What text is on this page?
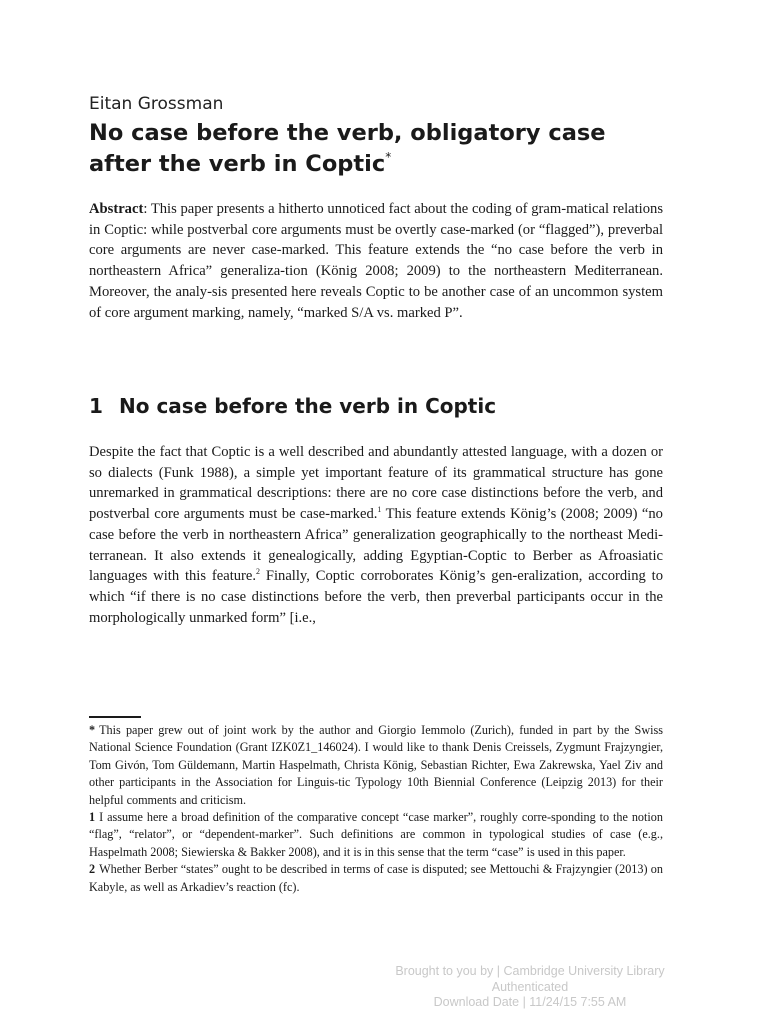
Eitan Grossman
No case before the verb, obligatory case
after the verb in Coptic*

Abstract: This paper presents a hitherto unnoticed fact about the coding of gram-matical relations in Coptic: while postverbal core arguments must be overtly case-marked (or “flagged”), preverbal core arguments are never case-marked. This feature extends the “no case before the verb in northeastern Africa” generaliza-tion (König 2008; 2009) to the northeastern Mediterranean. Moreover, the analy-sis presented here reveals Coptic to be another case of an uncommon system of core argument marking, namely, “marked S/A vs. marked P”.

1 No case before the verb in Coptic

Despite the fact that Coptic is a well described and abundantly attested language, with a dozen or so dialects (Funk 1988), a simple yet important feature of its grammatical structure has gone unremarked in grammatical descriptions: there are no core case distinctions before the verb, and postverbal core arguments must be case-marked.$^1$ This feature extends König’s (2008; 2009) “no case before the verb in northeastern Africa” generalization geographically to the northeast Medi-terranean. It also extends it genealogically, adding Egyptian-Coptic to Berber as Afroasiatic languages with this feature.$^2$ Finally, Coptic corroborates König’s gen-eralization, according to which “if there is no case distinctions before the verb, then preverbal participants occur in the morphologically unmarked form” [i.e.,

* This paper grew out of joint work by the author and Giorgio Iemmolo (Zurich), funded in part by the Swiss National Science Foundation (Grant IZK0Z1_146024). I would like to thank Denis Creissels, Zygmunt Frajzyngier, Tom Givón, Tom Güldemann, Martin Haspelmath, Christa König, Sebastian Richter, Ewa Zakrewska, Yael Ziv and other participants in the Association for Linguis-tic Typology 10th Biennial Conference (Leipzig 2013) for their helpful comments and criticism.

1 I assume here a broad definition of the comparative concept “case marker”, roughly corre-sponding to the notion “flag”, “relator”, or “dependent-marker”. Such definitions are common in typological studies of case (e.g., Haspelmath 2008; Siewierska & Bakker 2008), and it is in this sense that the term “case” is used in this paper.

2 Whether Berber “states” ought to be described in terms of case is disputed; see Mettouchi & Frajzyngier (2013) on Kabyle, as well as Arkadiev’s reaction (fc).

Brought to you by | Cambridge University Library
Authenticated
Download Date | 11/24/15 7:55 AM
